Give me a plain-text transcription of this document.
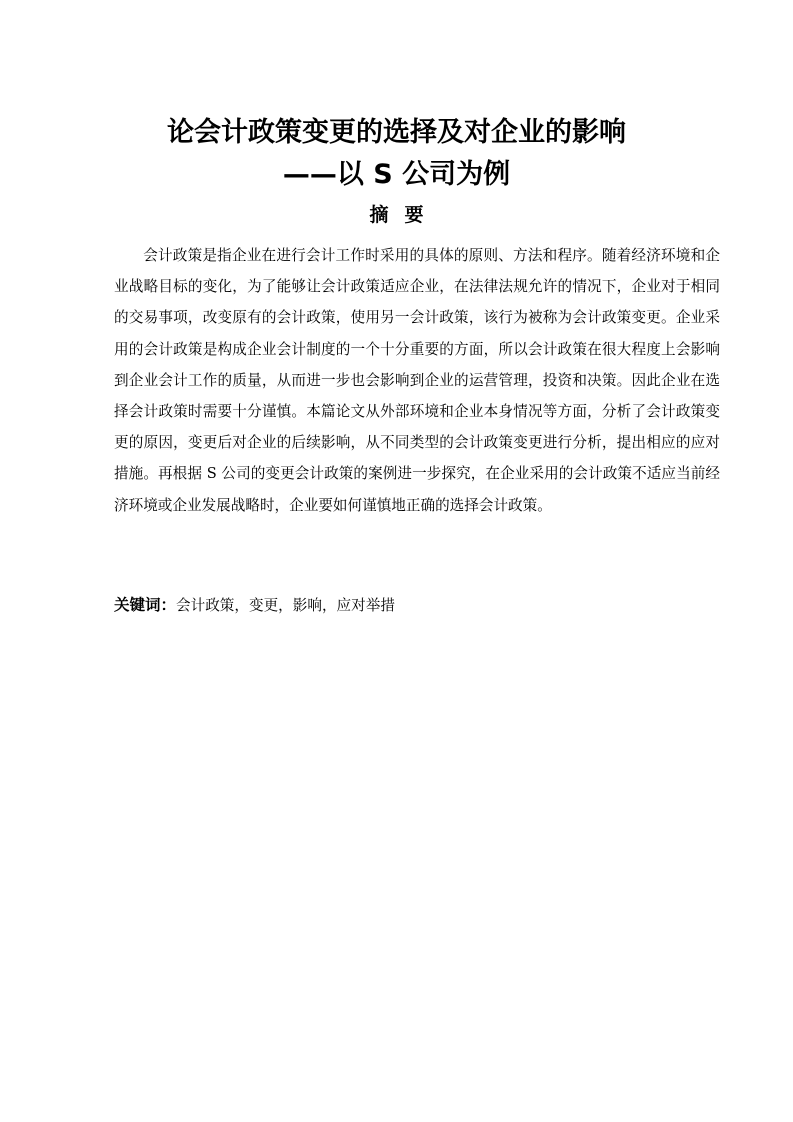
论会计政策变更的选择及对企业的影响
——以 S 公司为例
摘要

会计政策是指企业在进行会计工作时采用的具体的原则、方法和程序。随着经济环境和企业战略目标的变化，为了能够让会计政策适应企业，在法律法规允许的情况下，企业对于相同的交易事项，改变原有的会计政策，使用另一会计政策，该行为被称为会计政策变更。企业采用的会计政策是构成企业会计制度的一个十分重要的方面，所以会计政策在很大程度上会影响到企业会计工作的质量，从而进一步也会影响到企业的运营管理，投资和决策。因此企业在选择会计政策时需要十分谨慎。本篇论文从外部环境和企业本身情况等方面，分析了会计政策变更的原因，变更后对企业的后续影响，从不同类型的会计政策变更进行分析，提出相应的应对措施。再根据 S 公司的变更会计政策的案例进一步探究，在企业采用的会计政策不适应当前经济环境或企业发展战略时，企业要如何谨慎地正确的选择会计政策。

关键词：会计政策，变更，影响，应对举措
